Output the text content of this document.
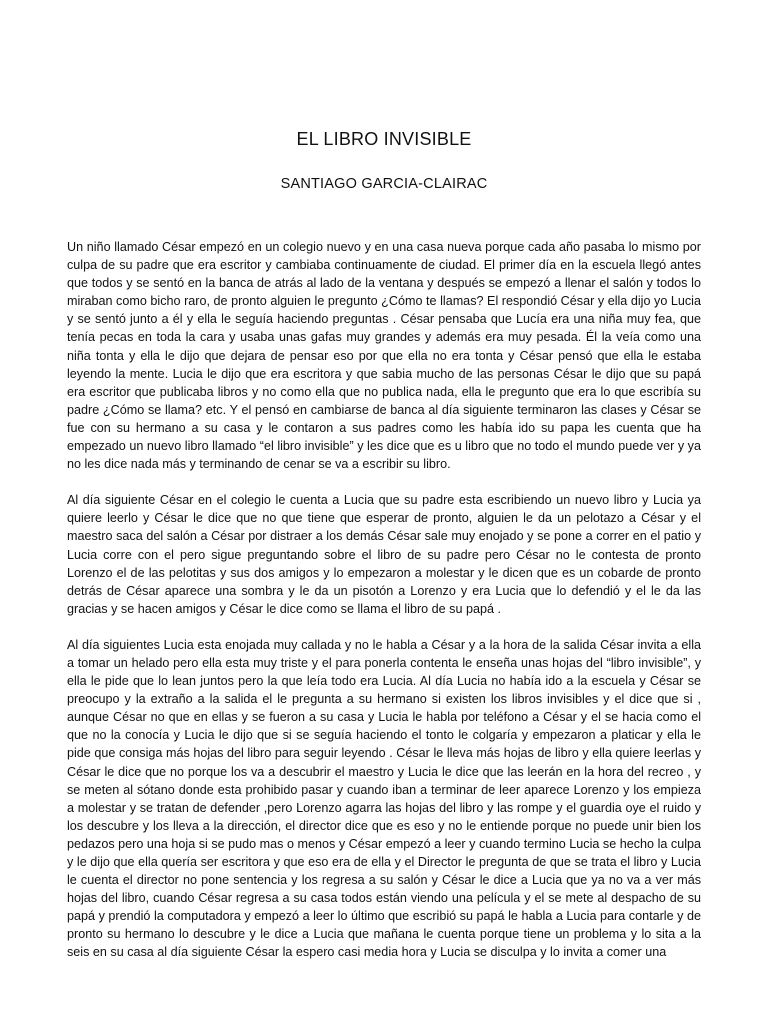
EL LIBRO INVISIBLE
SANTIAGO GARCIA-CLAIRAC

Un niño llamado César empezó en un colegio nuevo y en una casa nueva porque cada año pasaba lo mismo por culpa de su padre que era escritor y cambiaba continuamente de ciudad. El primer día en la escuela llegó antes que todos y se sentó en la banca de atrás al lado de la ventana y después se empezó a llenar el salón y todos lo miraban como bicho raro, de pronto alguien le pregunto ¿Cómo te llamas? El respondió César y ella dijo yo Lucia y se sentó junto a él y ella le seguía haciendo preguntas . César pensaba que Lucía era una niña muy fea, que tenía pecas en toda la cara y usaba unas gafas muy grandes y además era muy pesada. Él la veía como una niña tonta y ella le dijo que dejara de pensar eso por que ella no era tonta y César pensó que ella le estaba leyendo la mente. Lucia le dijo que era escritora y que sabia mucho de las personas César le dijo que su papá era escritor que publicaba libros y no como ella que no publica nada, ella le pregunto que era lo que escribía su padre ¿Cómo se llama? etc. Y el pensó en cambiarse de banca al día siguiente terminaron las clases y César se fue con su hermano a su casa y le contaron a sus padres como les había ido su papa les cuenta que ha empezado un nuevo libro llamado “el libro invisible” y les dice que es u libro que no todo el mundo puede ver y ya no les dice nada más y terminando de cenar se va a escribir su libro.

Al día siguiente César en el colegio le cuenta a Lucia que su padre esta escribiendo un nuevo libro y Lucia ya quiere leerlo y César le dice que no que tiene que esperar de pronto, alguien le da un pelotazo a César y el maestro saca del salón a César por distraer a los demás César sale muy enojado y se pone a correr en el patio y Lucia corre con el pero sigue preguntando sobre el libro de su padre pero César no le contesta de pronto Lorenzo el de las pelotitas y sus dos amigos y lo empezaron a molestar y le dicen que es un cobarde de pronto detrás de César aparece una sombra y le da un pisotón a Lorenzo y era Lucia que lo defendió y el le da las gracias y se hacen amigos y César le dice como se llama el libro de su papá .

Al día siguientes Lucia esta enojada muy callada y no le habla a César y a la hora de la salida César invita a ella a tomar un helado pero ella esta muy triste y el para ponerla contenta le enseña unas hojas del “libro invisible”, y ella le pide que lo lean juntos pero la que leía todo era Lucia. Al día Lucia no había ido a la escuela y César se preocupo y la extraño a la salida el le pregunta a su hermano si existen los libros invisibles y el dice que si , aunque César no que en ellas y se fueron a su casa y Lucia le habla por teléfono a César y el se hacia como el que no la conocía y Lucia le dijo que si se seguía haciendo el tonto le colgaría y empezaron a platicar y ella le pide que consiga más hojas del libro para seguir leyendo . César le lleva más hojas de libro y ella quiere leerlas y César le dice que no porque los va a descubrir el maestro y Lucia le dice que las leerán en la hora del recreo , y se meten al sótano donde esta prohibido pasar y cuando iban a terminar de leer aparece Lorenzo y los empieza a molestar y se tratan de defender ,pero Lorenzo agarra las hojas del libro y las rompe y el guardia oye el ruido y los descubre y los lleva a la dirección, el director dice que es eso y no le entiende porque no puede unir bien los pedazos pero una hoja si se pudo mas o menos y César empezó a leer y cuando termino Lucia se hecho la culpa y le dijo que ella quería ser escritora y que eso era de ella y el Director le pregunta de que se trata el libro y Lucia le cuenta el director no pone sentencia y los regresa a su salón y César le dice a Lucia que ya no va a ver más hojas del libro, cuando César regresa a su casa todos están viendo una película y el se mete al despacho de su papá y prendió la computadora y empezó a leer lo último que escribió su papá le habla a Lucia para contarle y de pronto su hermano lo descubre y le dice a Lucia que mañana le cuenta porque tiene un problema y lo sita a la seis en su casa al día siguiente César la espero casi media hora y Lucia se disculpa y lo invita a comer una
